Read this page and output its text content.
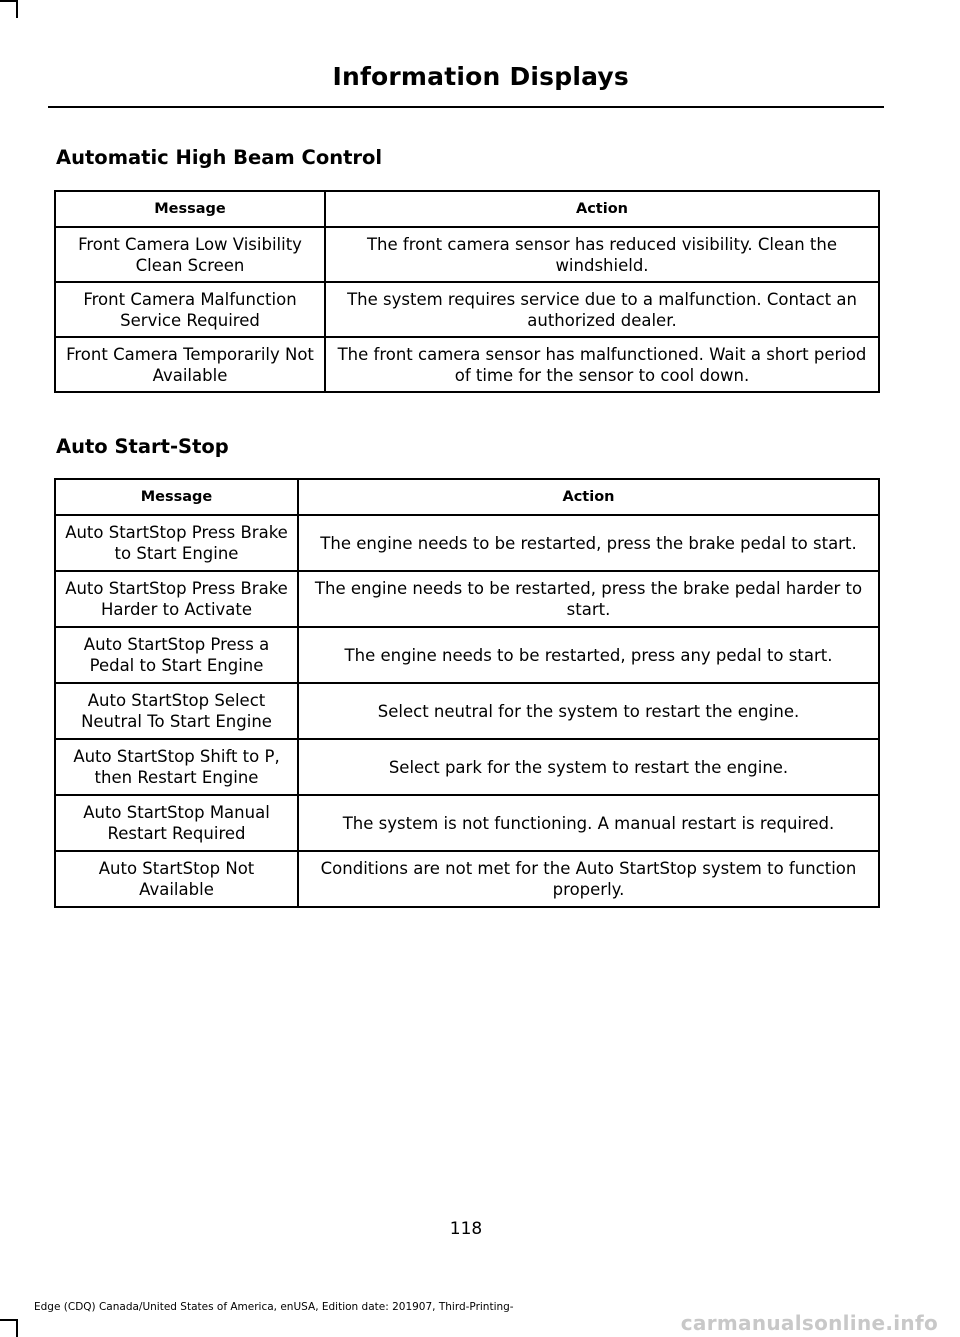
Information Displays
Automatic High Beam Control
Message	Action
Front Camera Low Visibility Clean Screen	The front camera sensor has reduced visibility. Clean the windshield.
Front Camera Malfunction Service Required	The system requires service due to a malfunction. Contact an authorized dealer.
Front Camera Temporarily Not Available	The front camera sensor has malfunctioned. Wait a short period of time for the sensor to cool down.
Auto Start-Stop
Message	Action
Auto StartStop Press Brake to Start Engine	The engine needs to be restarted, press the brake pedal to start.
Auto StartStop Press Brake Harder to Activate	The engine needs to be restarted, press the brake pedal harder to start.
Auto StartStop Press a Pedal to Start Engine	The engine needs to be restarted, press any pedal to start.
Auto StartStop Select Neutral To Start Engine	Select neutral for the system to restart the engine.
Auto StartStop Shift to P, then Restart Engine	Select park for the system to restart the engine.
Auto StartStop Manual Restart Required	The system is not functioning. A manual restart is required.
Auto StartStop Not Available	Conditions are not met for the Auto StartStop system to function properly.
118
Edge (CDQ) Canada/United States of America, enUSA, Edition date: 201907, Third-Printing-
carmanualsonline.info
